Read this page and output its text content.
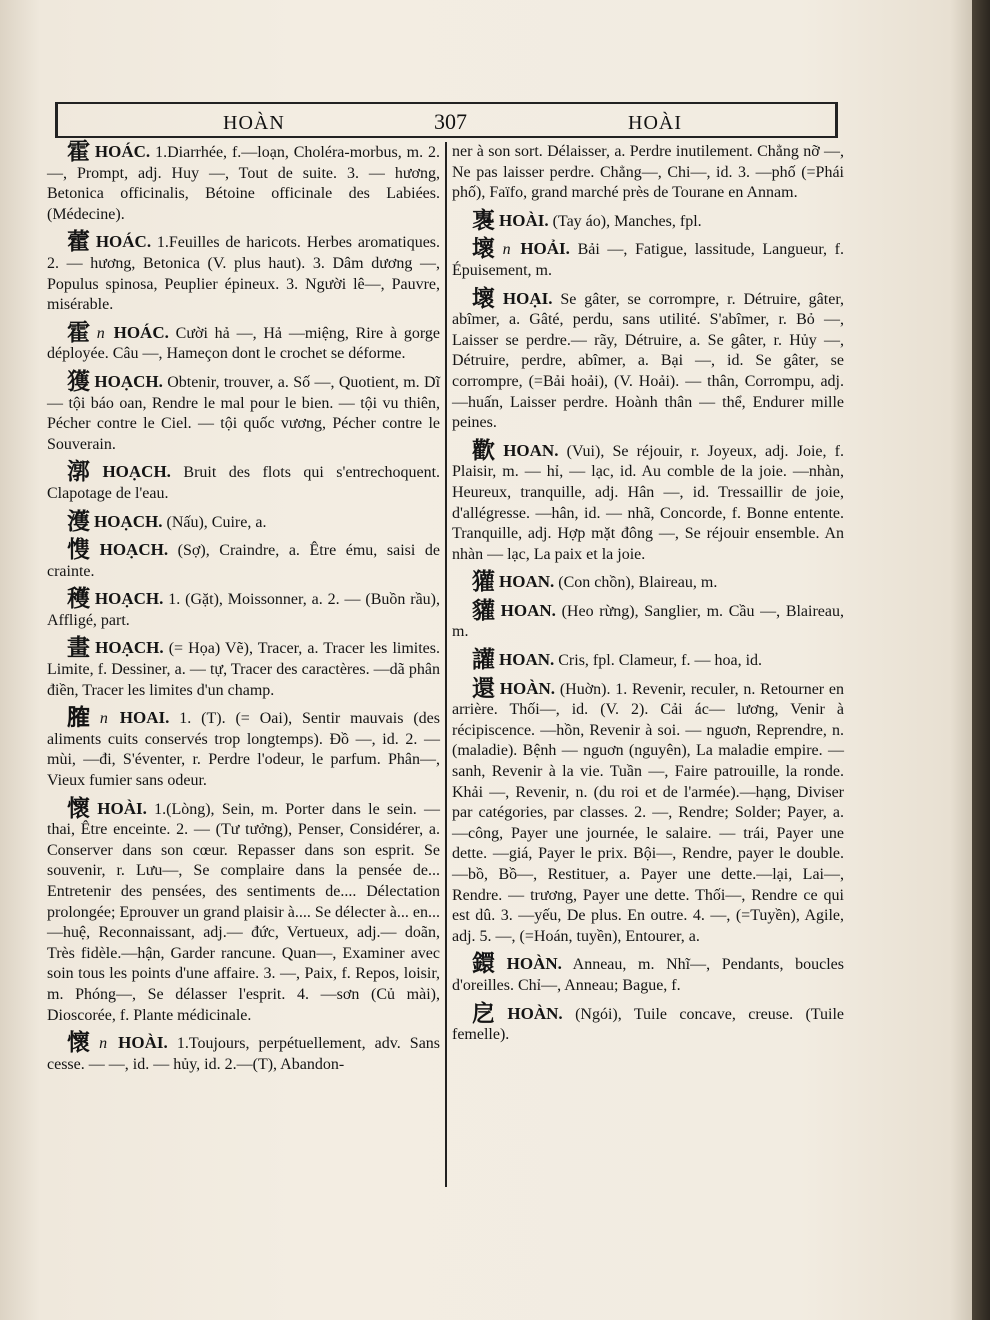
HOÀN	307	HOÀI
霍 HOÁC. 1.Diarrhée, f.—loạn, Choléra-morbus, m. 2. —, Prompt, adj. Huy —, Tout de suite. 3. — hương, Betonica officinalis, Bétoine officinale des Labiées. (Médecine).
藿 HOÁC. 1.Feuilles de haricots. Herbes aromatiques. 2. — hương, Betonica (V. plus haut). 3. Dâm dương —, Populus spinosa, Peuplier épineux. 3. Người lê—, Pauvre, misérable.
霍 n HOÁC. Cười hả —, Hả —miệng, Rire à gorge déployée. Câu —, Hameçon dont le crochet se déforme.
獲 HOẠCH. Obtenir, trouver, a. Số —, Quotient, m. Dĩ — tội báo oan, Rendre le mal pour le bien. — tội vu thiên, Pécher contre le Ciel. — tội quốc vương, Pécher contre le Souverain.
漷 HOẠCH. Bruit des flots qui s'entrechoquent. Clapotage de l'eau.
濩 HOẠCH. (Nấu), Cuire, a.
愯 HOẠCH. (Sợ), Craindre, a. Être ému, saisi de crainte.
穫 HOẠCH. 1. (Gặt), Moissonner, a. 2. — (Buồn rầu), Affligé, part.
畫 HOẠCH. (= Họa) Vẽ), Tracer, a. Tracer les limites. Limite, f. Dessiner, a. — tự, Tracer des caractères. —dã phân điền, Tracer les limites d'un champ.
𦞦 n HOAI. 1. (T). (= Oai), Sentir mauvais (des aliments cuits conservés trop longtemps). Đồ —, id. 2. —mùi, —đi, S'éventer, r. Perdre l'odeur, le parfum. Phân—, Vieux fumier sans odeur.
懷 HOÀI. 1.(Lòng), Sein, m. Porter dans le sein. — thai, Être enceinte. 2. — (Tư tưởng), Penser, Considérer, a. Conserver dans son cœur. Repasser dans son esprit. Se souvenir, r. Lưu—, Se complaire dans la pensée de... Entretenir des pensées, des sentiments de.... Délectation prolongée; Eprouver un grand plaisir à.... Se délecter à... en... —huệ, Reconnaissant, adj.— đức, Vertueux, adj.— doãn, Très fidèle.—hận, Garder rancune. Quan—, Examiner avec soin tous les points d'une affaire. 3. —, Paix, f. Repos, loisir, m. Phóng—, Se délasser l'esprit. 4. —sơn (Củ mài), Dioscorée, f. Plante médicinale.
懷 n HOÀI. 1.Toujours, perpétuellement, adv. Sans cesse. — —, id. — hủy, id. 2.—(T), Abandon-
ner à son sort. Délaisser, a. Perdre inutilement. Chẳng nỡ —, Ne pas laisser perdre. Chẳng—, Chi—, id. 3. —phố (=Phái phố), Faïfo, grand marché près de Tourane en Annam.
褢 HOÀI. (Tay áo), Manches, fpl.
壞 n HOẢI. Bải —, Fatigue, lassitude, Langueur, f. Épuisement, m.
壞 HOẠI. Se gâter, se corrompre, r. Détruire, gâter, abîmer, a. Gâté, perdu, sans utilité. S'abîmer, r. Bỏ —, Laisser se perdre.— rãy, Détruire, a. Se gâter, r. Hủy —, Détruire, perdre, abîmer, a. Bại —, id. Se gâter, se corrompre, (=Bải hoải), (V. Hoải). — thân, Corrompu, adj. —huấn, Laisser perdre. Hoành thân — thể, Endurer mille peines.
歡 HOAN. (Vui), Se réjouir, r. Joyeux, adj. Joie, f. Plaisir, m. — hỉ, — lạc, id. Au comble de la joie. —nhàn, Heureux, tranquille, adj. Hân —, id. Tressaillir de joie, d'allégresse. —hân, id. — nhã, Concorde, f. Bonne entente. Tranquille, adj. Hợp mặt đông —, Se réjouir ensemble. An nhàn — lạc, La paix et la joie.
獾 HOAN. (Con chồn), Blaireau, m.
貛 HOAN. (Heo rừng), Sanglier, m. Cầu —, Blaireau, m.
讙 HOAN. Cris, fpl. Clameur, f. — hoa, id.
還 HOÀN. (Huờn). 1. Revenir, reculer, n. Retourner en arrière. Thối—, id. (V. 2). Cải ác— lương, Venir à récipiscence. —hồn, Revenir à soi. — nguơn, Reprendre, n. (maladie). Bệnh — nguơn (nguyên), La maladie empire. —sanh, Revenir à la vie. Tuần —, Faire patrouille, la ronde. Khải —, Revenir, n. (du roi et de l'armée).—hạng, Diviser par catégories, par classes. 2. —, Rendre; Solder; Payer, a. —công, Payer une journée, le salaire. — trái, Payer une dette. —giá, Payer le prix. Bội—, Rendre, payer le double. —bồ, Bồ—, Restituer, a. Payer une dette.—lại, Lai—, Rendre. — trương, Payer une dette. Thối—, Rendre ce qui est dû. 3. —yếu, De plus. En outre. 4. —, (=Tuyền), Agile, adj. 5. —, (=Hoán, tuyền), Entourer, a.
鐶 HOÀN. Anneau, m. Nhĩ—, Pendants, boucles d'oreilles. Chỉ—, Anneau; Bague, f.
戹 HOÀN. (Ngói), Tuile concave, creuse. (Tuile femelle).
